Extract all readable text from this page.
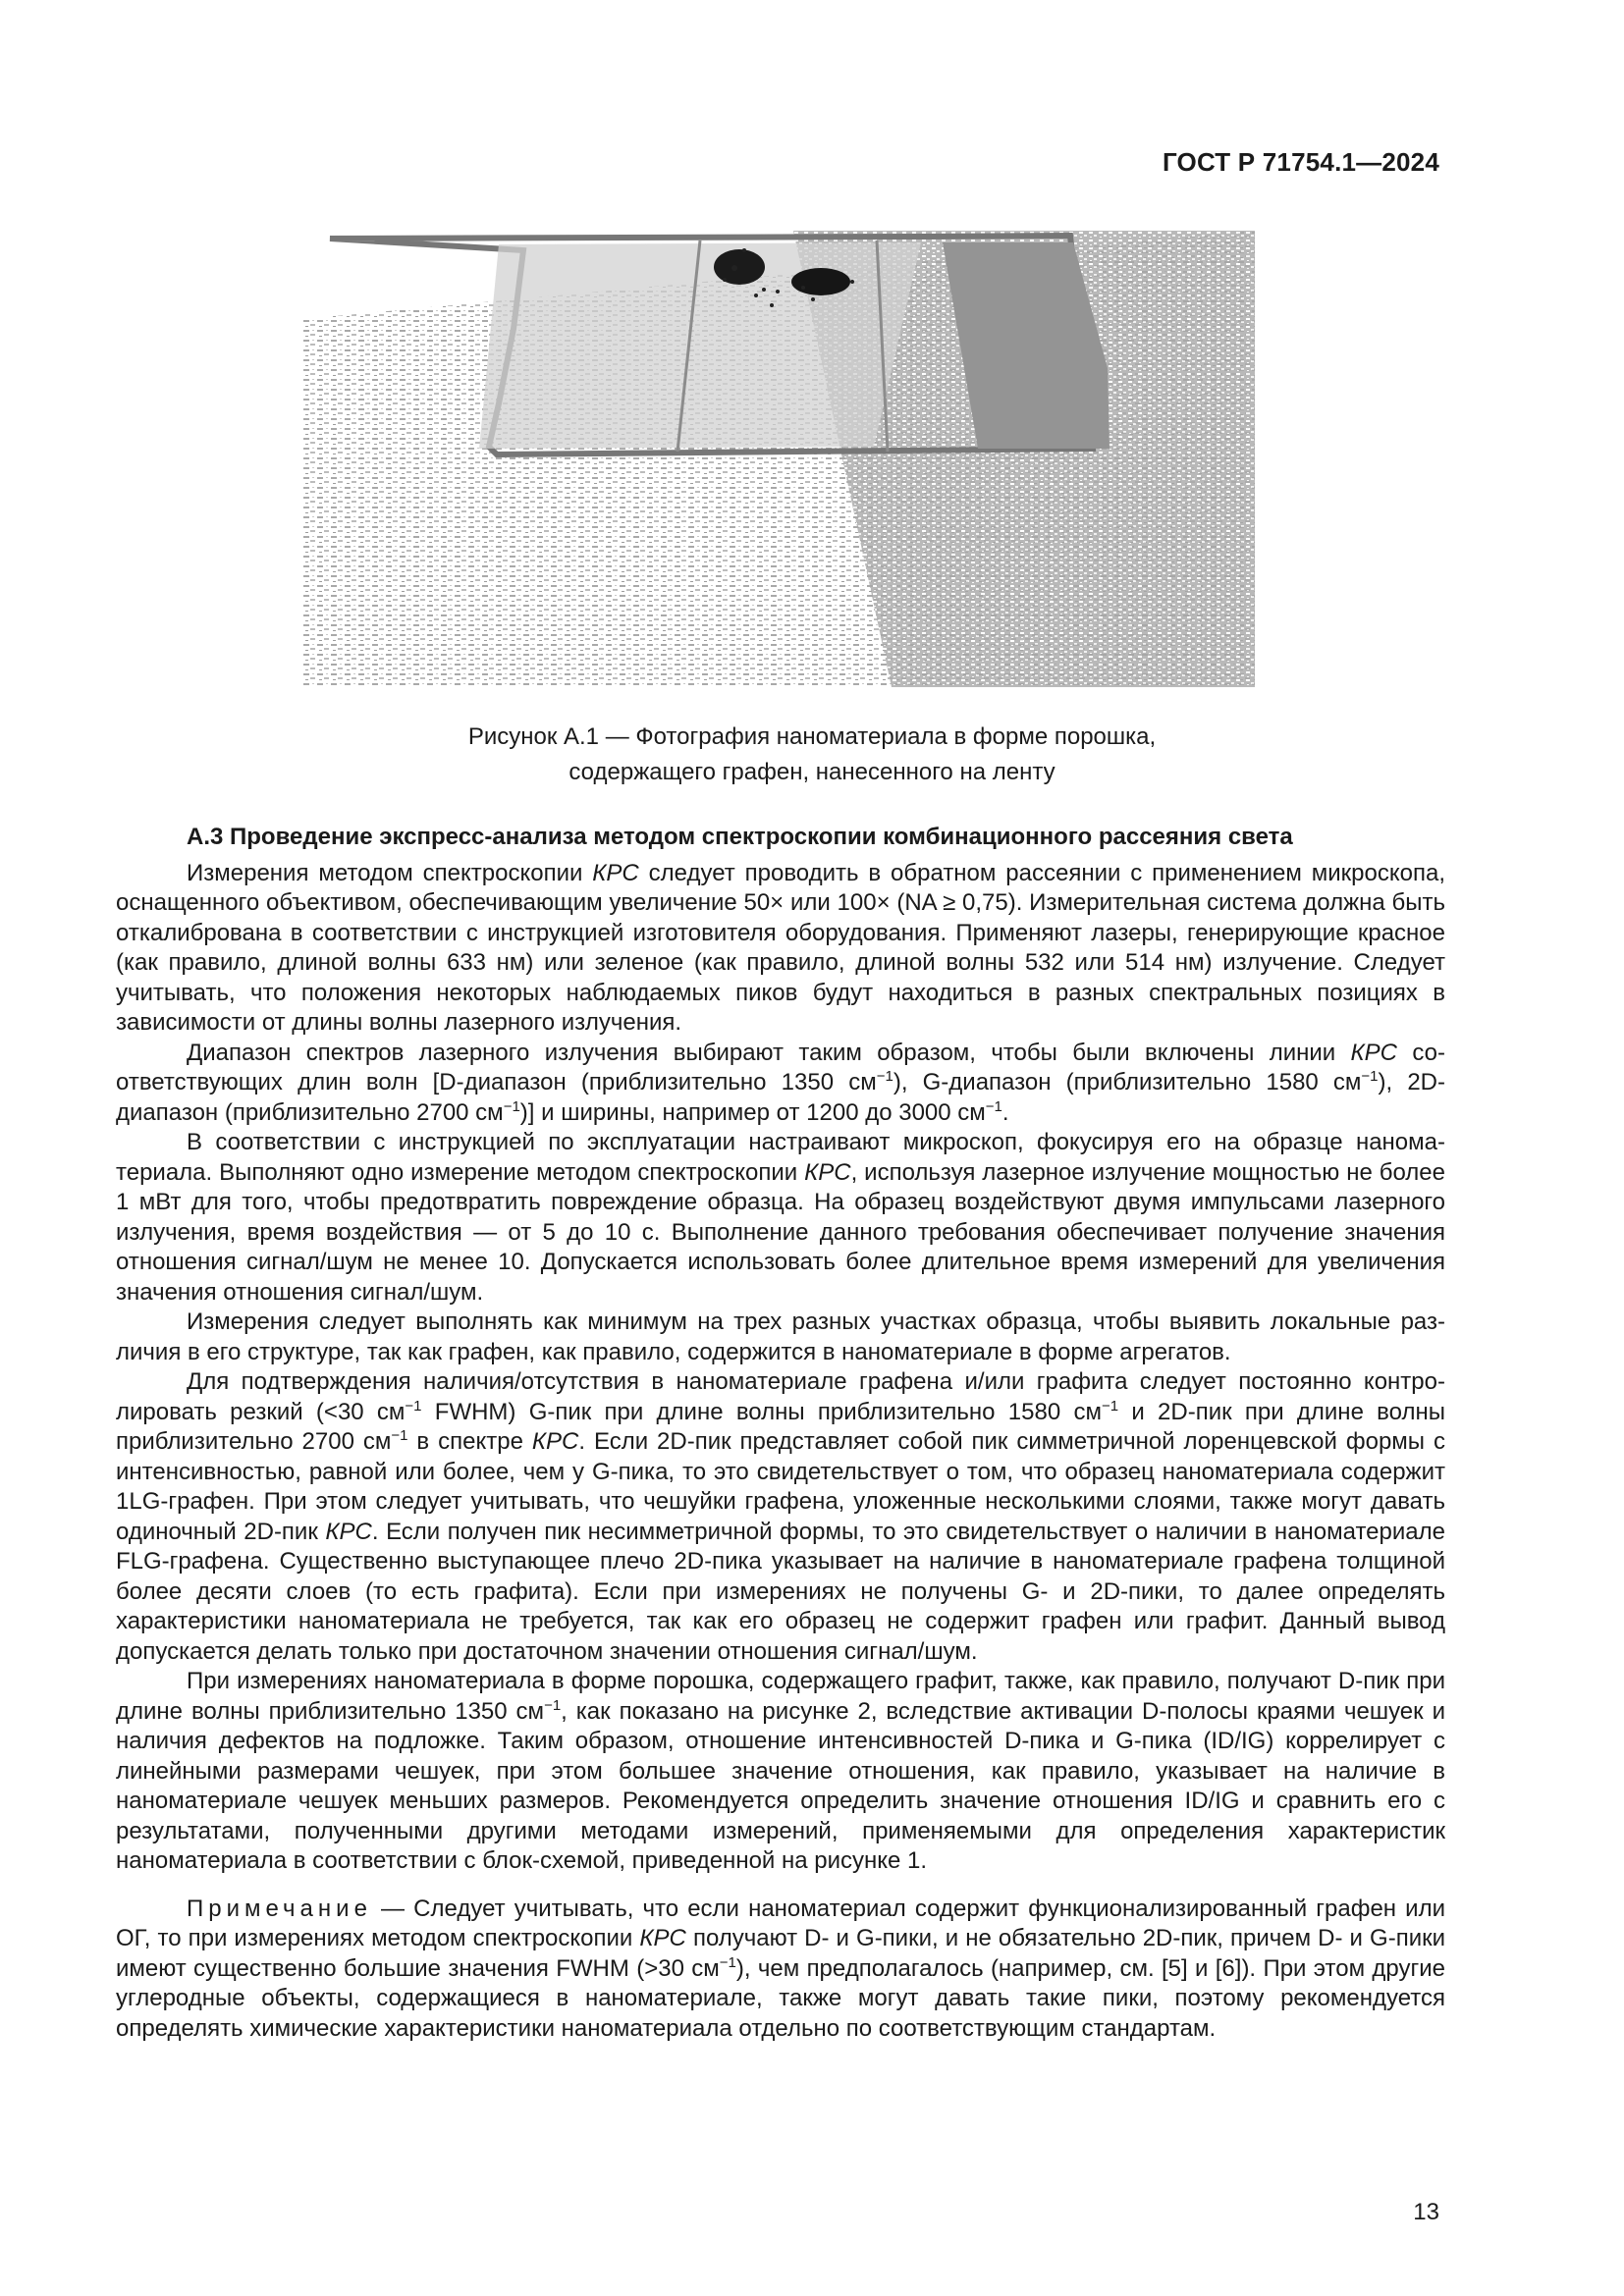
ГОСТ Р 71754.1—2024
Рисунок А.1 — Фотография наноматериала в форме порошка,
содержащего графен, нанесенного на ленту

А.3 Проведение экспресс-анализа методом спектроскопии комбинационного рассеяния света

Измерения методом спектроскопии КРС следует проводить в обратном рассеянии с применением микроскопа, оснащенного объективом, обеспечивающим увеличение 50× или 100× (NA ≥ 0,75). Измерительная система должна быть откалибрована в соответствии с инструкцией изготовителя оборудования. Применяют лазеры, генерирующие красное (как правило, длиной волны 633 нм) или зеленое (как правило, длиной волны 532 или 514 нм) излучение. Следует учитывать, что положения некоторых наблюдаемых пиков будут находиться в разных спектральных позициях в зависимости от длины волны лазерного излучения.

Диапазон спектров лазерного излучения выбирают таким образом, чтобы были включены линии КРС соответствующих длин волн [D-диапазон (приблизительно 1350 $см^{-1}$), G-диапазон (приблизительно 1580 $см^{-1}$), 2D-диапазон (приблизительно 2700 $см^{-1}$)] и ширины, например от 1200 до 3000 $см^{-1}$.

В соответствии с инструкцией по эксплуатации настраивают микроскоп, фокусируя его на образце наноматериала. Выполняют одно измерение методом спектроскопии КРС, используя лазерное излучение мощностью не более 1 мВт для того, чтобы предотвратить повреждение образца. На образец воздействуют двумя импульсами лазерного излучения, время воздействия — от 5 до 10 с. Выполнение данного требования обеспечивает получение значения отношения сигнал/шум не менее 10. Допускается использовать более длительное время измерений для увеличения значения отношения сигнал/шум.

Измерения следует выполнять как минимум на трех разных участках образца, чтобы выявить локальные различия в его структуре, так как графен, как правило, содержится в наноматериале в форме агрегатов.

Для подтверждения наличия/отсутствия в наноматериале графена и/или графита следует постоянно контролировать резкий (<30 $см^{-1}$ FWHM) G-пик при длине волны приблизительно 1580 $см^{-1}$ и 2D-пик при длине волны приблизительно 2700 $см^{-1}$ в спектре КРС. Если 2D-пик представляет собой пик симметричной лоренцевской формы с интенсивностью, равной или более, чем у G-пика, то это свидетельствует о том, что образец наноматериала содержит 1LG-графен. При этом следует учитывать, что чешуйки графена, уложенные несколькими слоями, также могут давать одиночный 2D-пик КРС. Если получен пик несимметричной формы, то это свидетельствует о наличии в наноматериале FLG-графена. Существенно выступающее плечо 2D-пика указывает на наличие в наноматериале графена толщиной более десяти слоев (то есть графита). Если при измерениях не получены G- и 2D-пики, то далее определять характеристики наноматериала не требуется, так как его образец не содержит графен или графит. Данный вывод допускается делать только при достаточном значении отношения сигнал/шум.

При измерениях наноматериала в форме порошка, содержащего графит, также, как правило, получают D-пик при длине волны приблизительно 1350 $см^{-1}$, как показано на рисунке 2, вследствие активации D-полосы краями чешуек и наличия дефектов на подложке. Таким образом, отношение интенсивностей D-пика и G-пика (ID/IG) коррелирует с линейными размерами чешуек, при этом большее значение отношения, как правило, указывает на наличие в наноматериале чешуек меньших размеров. Рекомендуется определить значение отношения ID/IG и сравнить его с результатами, полученными другими методами измерений, применяемыми для определения характеристик наноматериала в соответствии с блок-схемой, приведенной на рисунке 1.

Примечание — Следует учитывать, что если наноматериал содержит функционализированный графен или ОГ, то при измерениях методом спектроскопии КРС получают D- и G-пики, и не обязательно 2D-пик, причем D- и G-пики имеют существенно большие значения FWHM (>30 $см^{-1}$), чем предполагалось (например, см. [5] и [6]). При этом другие углеродные объекты, содержащиеся в наноматериале, также могут давать такие пики, поэтому рекомендуется определять химические характеристики наноматериала отдельно по соответствующим стандартам.

13
